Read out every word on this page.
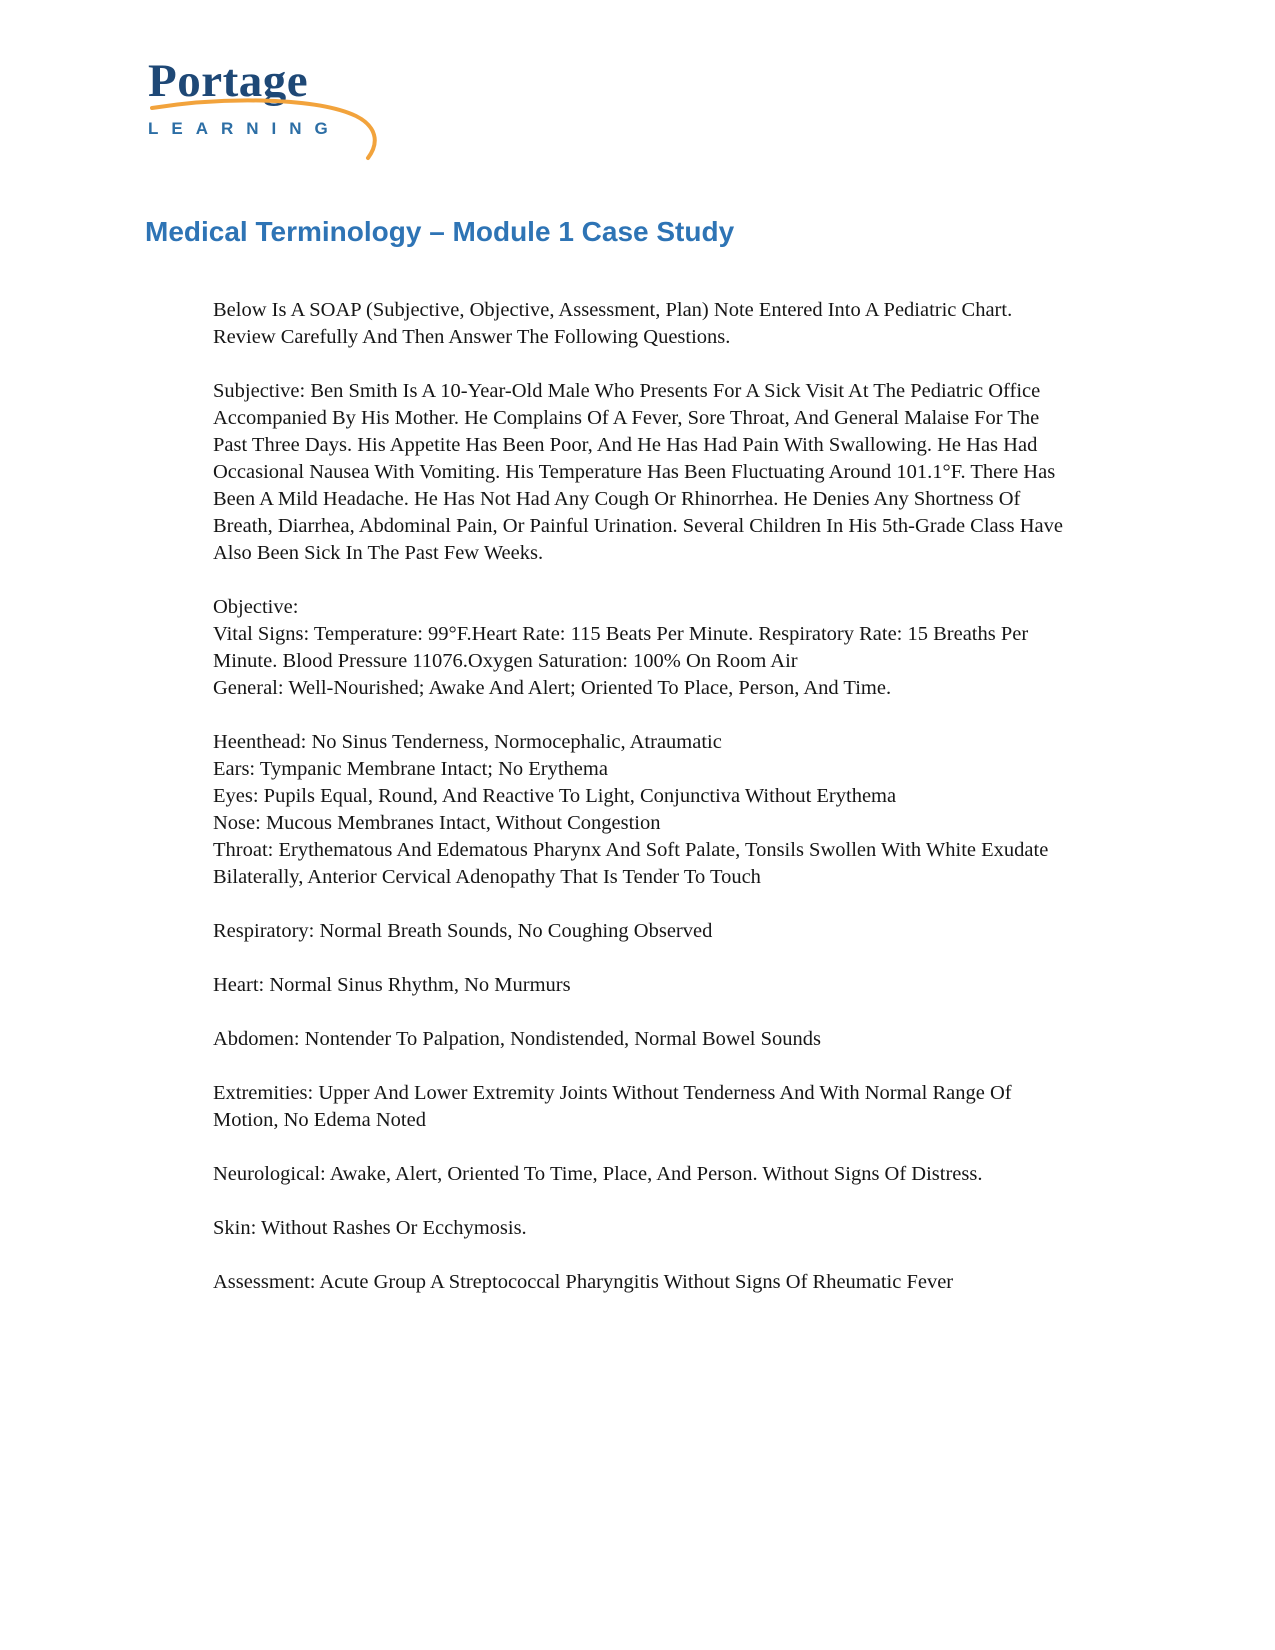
Portage
LEARNING
Medical Terminology – Module 1 Case Study

Below Is A SOAP (Subjective, Objective, Assessment, Plan) Note Entered Into A Pediatric Chart. Review Carefully And Then Answer The Following Questions.

Subjective: Ben Smith Is A 10-Year-Old Male Who Presents For A Sick Visit At The Pediatric Office Accompanied By His Mother. He Complains Of A Fever, Sore Throat, And General Malaise For The Past Three Days. His Appetite Has Been Poor, And He Has Had Pain With Swallowing. He Has Had Occasional Nausea With Vomiting. His Temperature Has Been Fluctuating Around 101.1°F. There Has Been A Mild Headache. He Has Not Had Any Cough Or Rhinorrhea. He Denies Any Shortness Of Breath, Diarrhea, Abdominal Pain, Or Painful Urination. Several Children In His 5th-Grade Class Have Also Been Sick In The Past Few Weeks.

Objective:
Vital Signs: Temperature: 99°F.Heart Rate: 115 Beats Per Minute. Respiratory Rate: 15 Breaths Per Minute. Blood Pressure 11076.Oxygen Saturation: 100% On Room Air
General: Well-Nourished; Awake And Alert; Oriented To Place, Person, And Time.

Heenthead: No Sinus Tenderness, Normocephalic, Atraumatic
Ears: Tympanic Membrane Intact; No Erythema
Eyes: Pupils Equal, Round, And Reactive To Light, Conjunctiva Without Erythema
Nose: Mucous Membranes Intact, Without Congestion
Throat: Erythematous And Edematous Pharynx And Soft Palate, Tonsils Swollen With White Exudate Bilaterally, Anterior Cervical Adenopathy That Is Tender To Touch

Respiratory: Normal Breath Sounds, No Coughing Observed

Heart: Normal Sinus Rhythm, No Murmurs

Abdomen: Nontender To Palpation, Nondistended, Normal Bowel Sounds

Extremities: Upper And Lower Extremity Joints Without Tenderness And With Normal Range Of Motion, No Edema Noted

Neurological: Awake, Alert, Oriented To Time, Place, And Person. Without Signs Of Distress.

Skin: Without Rashes Or Ecchymosis.

Assessment: Acute Group A Streptococcal Pharyngitis Without Signs Of Rheumatic Fever
